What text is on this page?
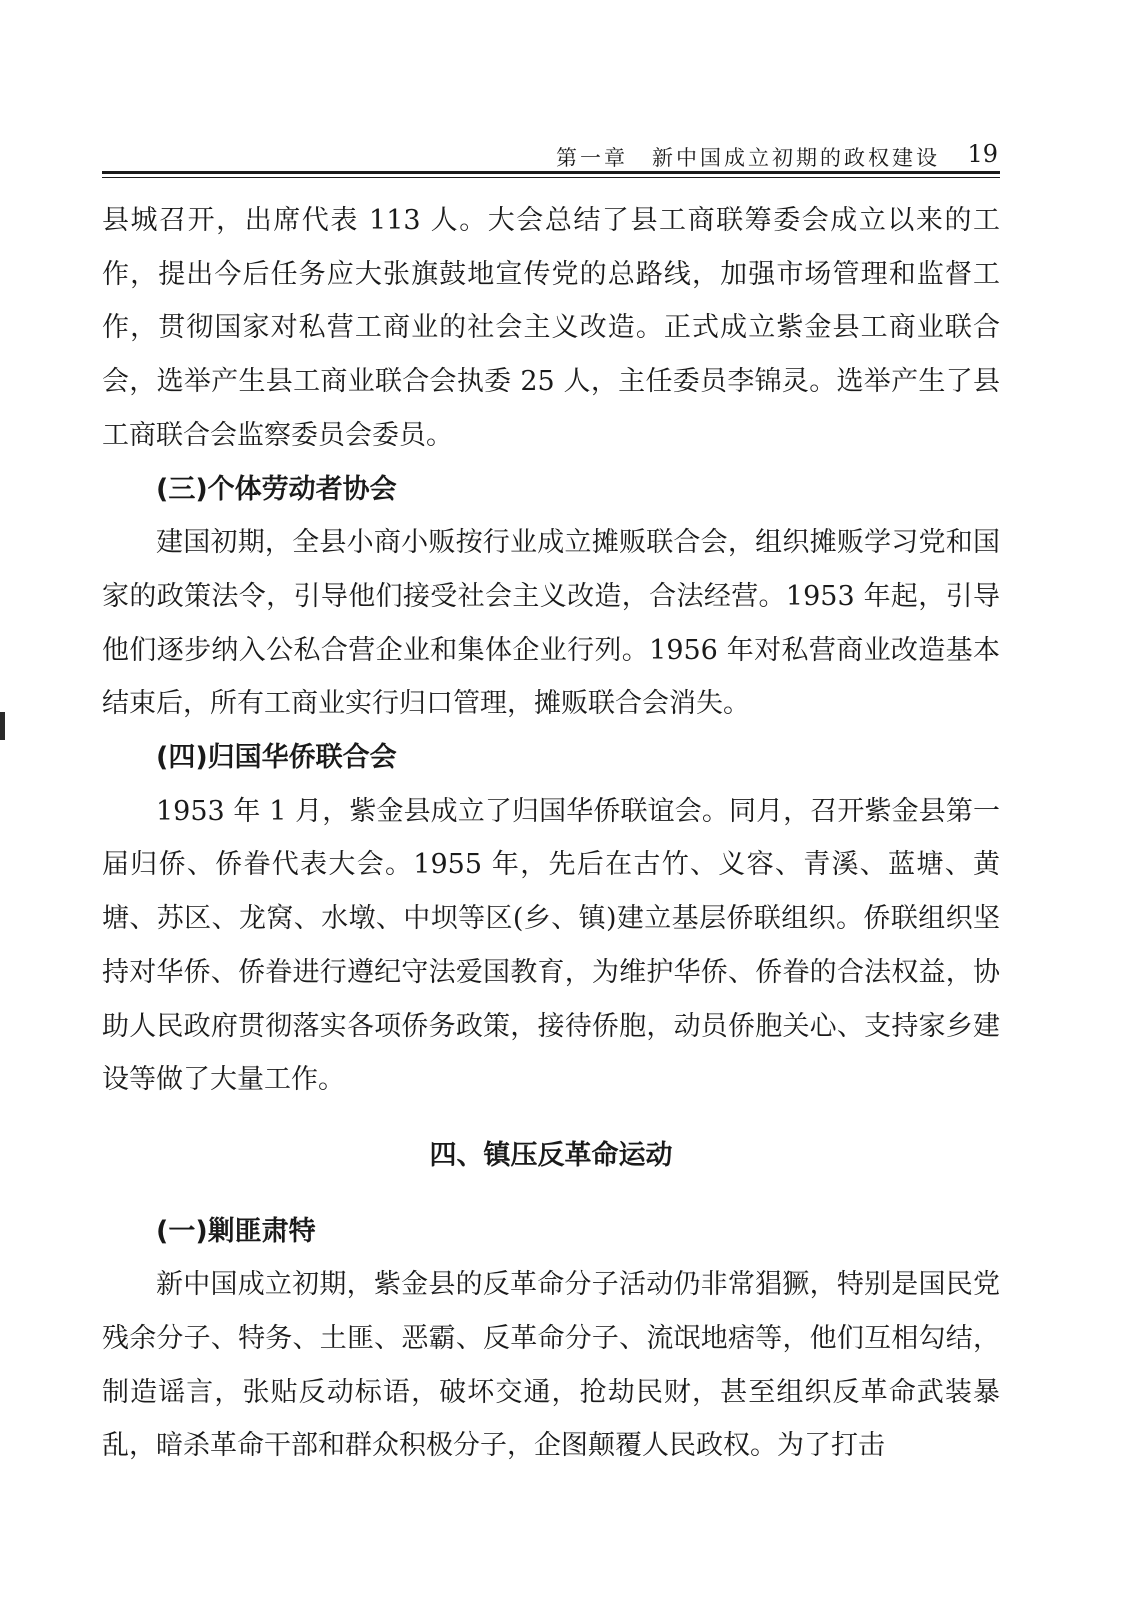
第一章　新中国成立初期的政权建设 19

县城召开，出席代表 113 人。大会总结了县工商联筹委会成立以来的工作，提出今后任务应大张旗鼓地宣传党的总路线，加强市场管理和监督工作，贯彻国家对私营工商业的社会主义改造。正式成立紫金县工商业联合会，选举产生县工商业联合会执委 25 人，主任委员李锦灵。选举产生了县工商联合会监察委员会委员。

(三)个体劳动者协会

建国初期，全县小商小贩按行业成立摊贩联合会，组织摊贩学习党和国家的政策法令，引导他们接受社会主义改造，合法经营。1953 年起，引导他们逐步纳入公私合营企业和集体企业行列。1956 年对私营商业改造基本结束后，所有工商业实行归口管理，摊贩联合会消失。

(四)归国华侨联合会

1953 年 1 月，紫金县成立了归国华侨联谊会。同月，召开紫金县第一届归侨、侨眷代表大会。1955 年，先后在古竹、义容、青溪、蓝塘、黄塘、苏区、龙窝、水墩、中坝等区(乡、镇)建立基层侨联组织。侨联组织坚持对华侨、侨眷进行遵纪守法爱国教育，为维护华侨、侨眷的合法权益，协助人民政府贯彻落实各项侨务政策，接待侨胞，动员侨胞关心、支持家乡建设等做了大量工作。

四、镇压反革命运动

(一)剿匪肃特

新中国成立初期，紫金县的反革命分子活动仍非常猖獗，特别是国民党残余分子、特务、土匪、恶霸、反革命分子、流氓地痞等，他们互相勾结，制造谣言，张贴反动标语，破坏交通，抢劫民财，甚至组织反革命武装暴乱，暗杀革命干部和群众积极分子，企图颠覆人民政权。为了打击
